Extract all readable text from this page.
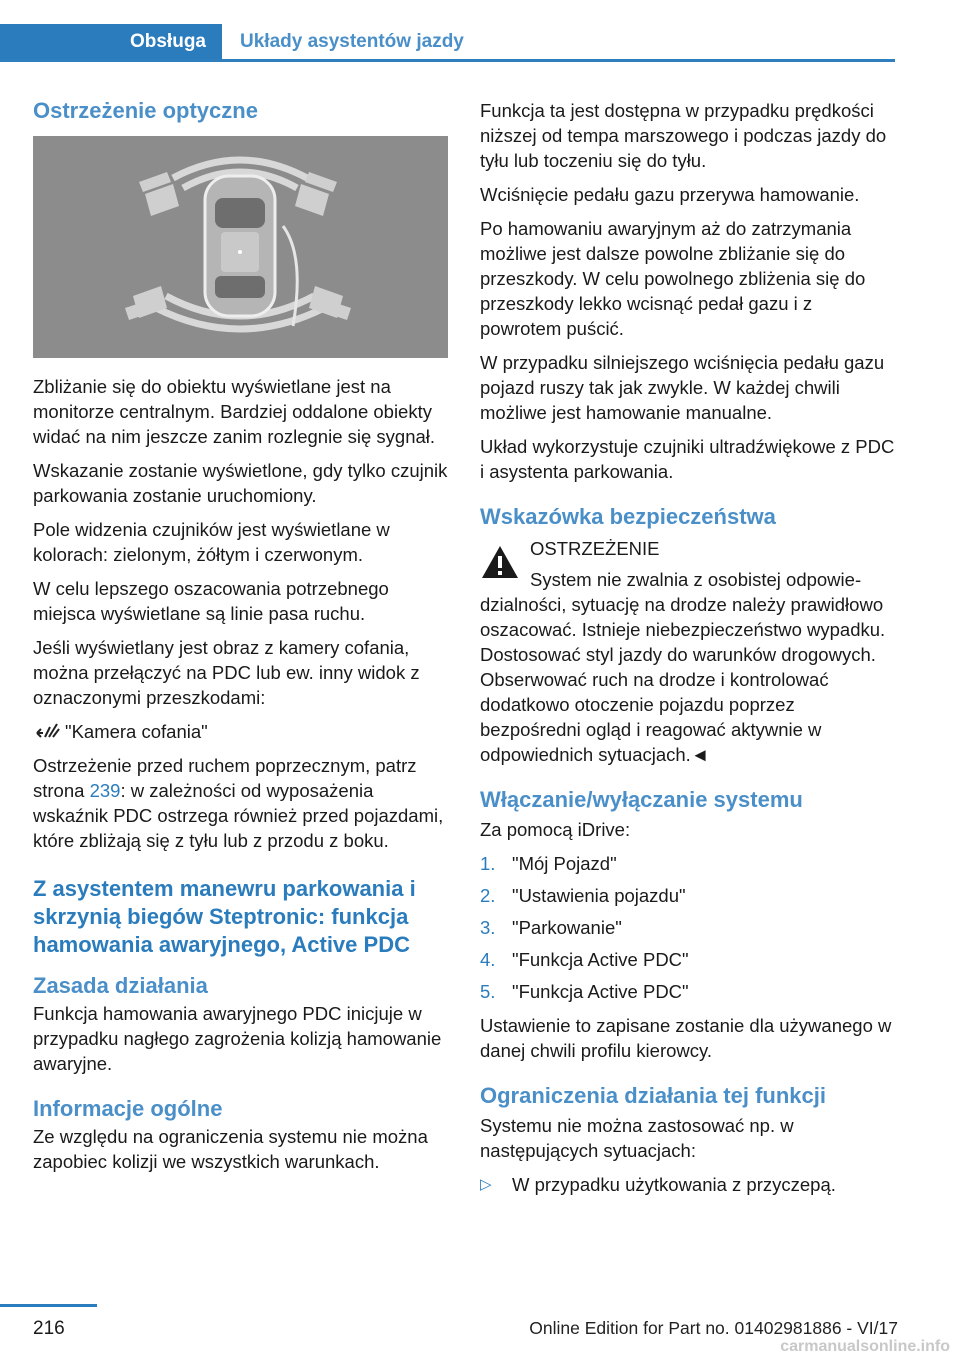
Obsługa Układy asystentów jazdy
Ostrzeżenie optyczne

Zbliżanie się do obiektu wyświetlane jest na monitorze centralnym. Bardziej oddalone obiekty widać na nim jeszcze zanim rozlegnie się sygnał.

Wskazanie zostanie wyświetlone, gdy tylko czujnik parkowania zostanie uruchomiony.

Pole widzenia czujników jest wyświetlane w kolorach: zielonym, żółtym i czerwonym.

W celu lepszego oszacowania potrzebnego miejsca wyświetlane są linie pasa ruchu.

Jeśli wyświetlany jest obraz z kamery cofania, można przełączyć na PDC lub ew. inny widok z oznaczonymi przeszkodami:

"Kamera cofania"

Ostrzeżenie przed ruchem poprzecznym, patrz strona 239: w zależności od wyposażenia wskaźnik PDC ostrzega również przed pojazdami, które zbliżają się z tyłu lub z przodu z boku.

Z asystentem manewru parkowania i skrzynią biegów Steptronic: funkcja hamowania awaryjnego, Active PDC
Zasada działania

Funkcja hamowania awaryjnego PDC inicjuje w przypadku nagłego zagrożenia kolizją hamowanie awaryjne.

Informacje ogólne

Ze względu na ograniczenia systemu nie można zapobiec kolizji we wszystkich warunkach.

Funkcja ta jest dostępna w przypadku prędkości niższej od tempa marszowego i podczas jazdy do tyłu lub toczeniu się do tyłu.

Wciśnięcie pedału gazu przerywa hamowanie.

Po hamowaniu awaryjnym aż do zatrzymania możliwe jest dalsze powolne zbliżanie się do przeszkody. W celu powolnego zbliżenia się do przeszkody lekko wcisnąć pedał gazu i z powrotem puścić.

W przypadku silniejszego wciśnięcia pedału gazu pojazd ruszy tak jak zwykle. W każdej chwili możliwe jest hamowanie manualne.

Układ wykorzystuje czujniki ultradźwiękowe z PDC i asystenta parkowania.

Wskazówka bezpieczeństwa
OSTRZEŻENIE

System nie zwalnia z osobistej odpowie-

dzialności, sytuację na drodze należy prawidłowo oszacować. Istnieje niebezpieczeństwo wypadku. Dostosować styl jazdy do warunków drogowych. Obserwować ruch na drodze i kontrolować dodatkowo otoczenie pojazdu poprzez bezpośredni ogląd i reagować aktywnie w odpowiednich sytuacjach.◄

Włączanie/wyłączanie systemu

Za pomocą iDrive:

1. "Mój Pojazd"
2. "Ustawienia pojazdu"
3. "Parkowanie"
4. "Funkcja Active PDC"
5. "Funkcja Active PDC"

Ustawienie to zapisane zostanie dla używanego w danej chwili profilu kierowcy.

Ograniczenia działania tej funkcji

Systemu nie można zastosować np. w następujących sytuacjach:

▷	W przypadku użytkowania z przyczepą.
216	Online Edition for Part no. 01402981886 - VI/17
carmanualsonline.info
